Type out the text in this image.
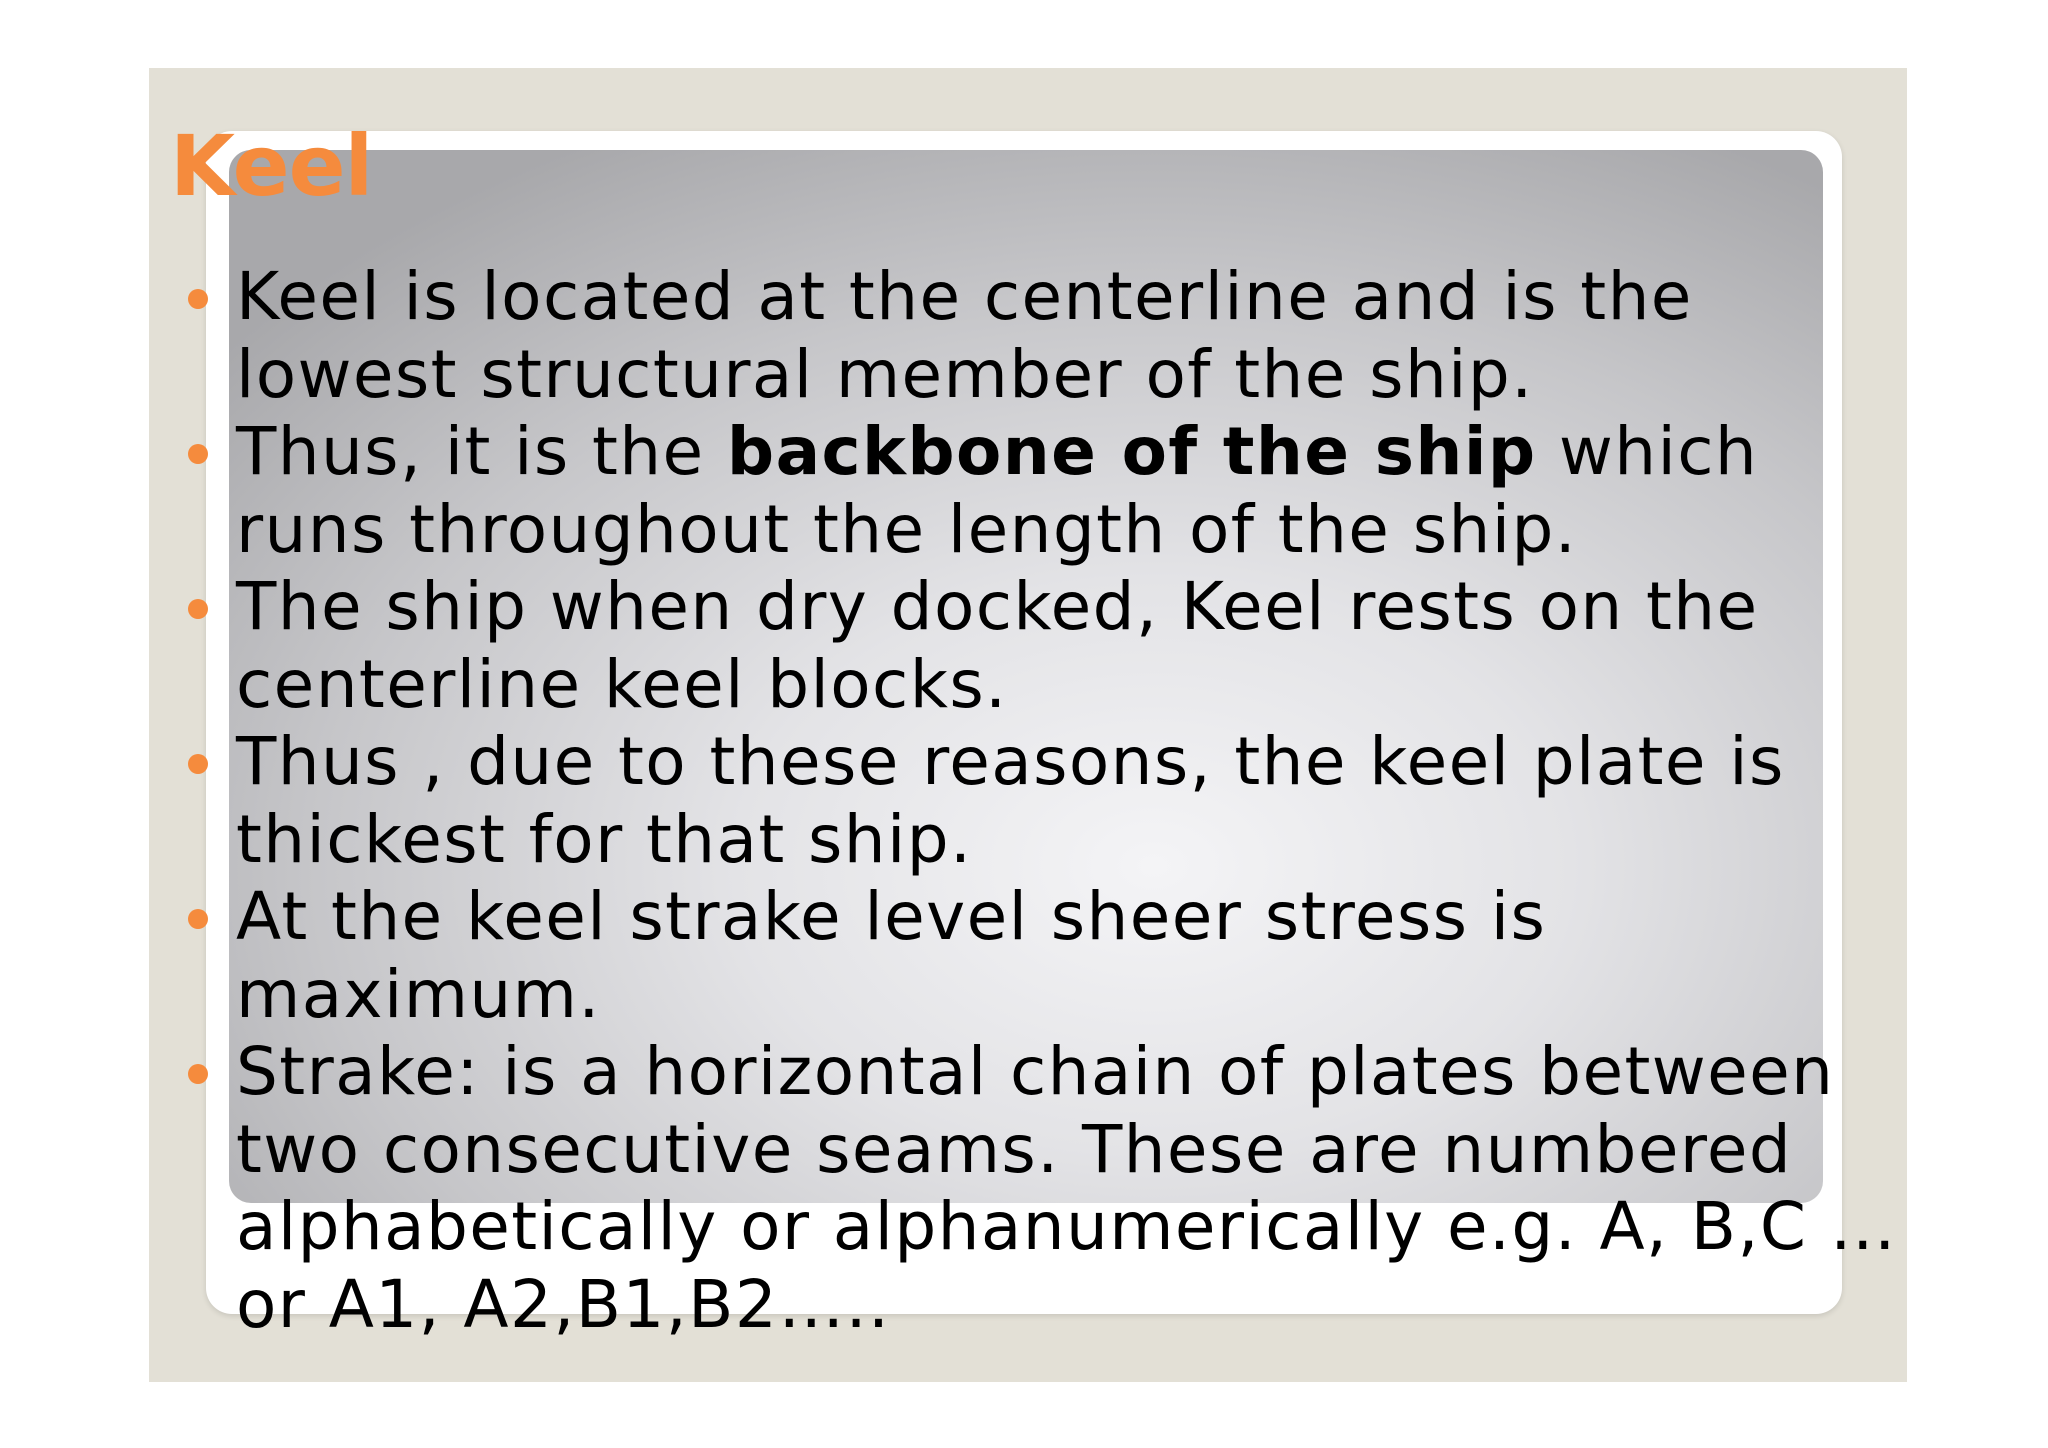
Keel
Keel is located at the centerline and is the
lowest structural member of the ship.
Thus, it is the backbone of the ship which
runs throughout the length of the ship.
The ship when dry docked, Keel rests on the
centerline keel blocks.
Thus , due to these reasons, the keel plate is
thickest for that ship.
At the keel strake level sheer stress is
maximum.
Strake: is a horizontal chain of plates between
two consecutive seams. These are numbered
alphabetically or alphanumerically e.g. A, B,C …
or A1, A2,B1,B2…..
